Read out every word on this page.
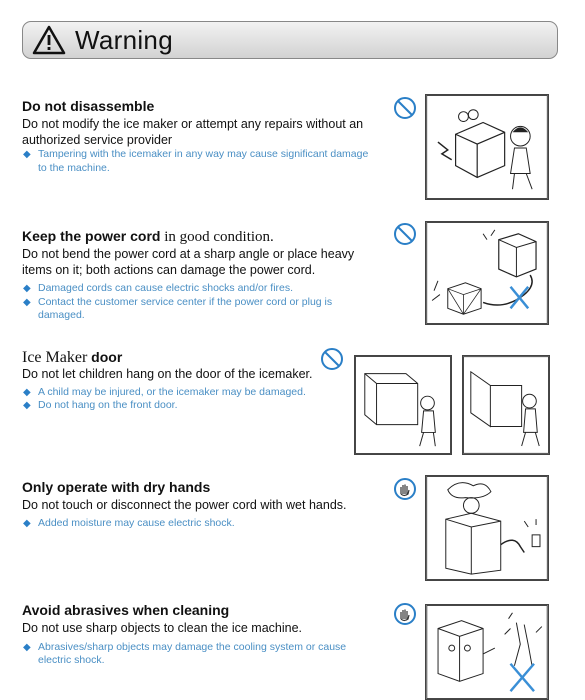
Warning
Do not disassemble
Do not modify the ice maker or attempt any repairs without an authorized service provider
◆ Tampering with the icemaker in any way may cause significant damage to the machine.
Keep the power cord in good condition.
Do not bend the power cord at a sharp angle or place heavy items on it; both actions can damage the power cord.
◆ Damaged cords can cause electric shocks and/or fires.
◆ Contact the customer service center if the power cord or plug is damaged.
Ice Maker door
Do not let children hang on the door of the icemaker.
◆ A child may be injured, or the icemaker may be damaged.
◆ Do not hang on the front door.
Only operate with dry hands
Do not touch or disconnect the power cord with wet hands.
◆ Added moisture may cause electric shock.
Avoid abrasives when cleaning
Do not use sharp objects to clean the ice machine.
◆ Abrasives/sharp objects may damage the cooling system or cause electric shock.
